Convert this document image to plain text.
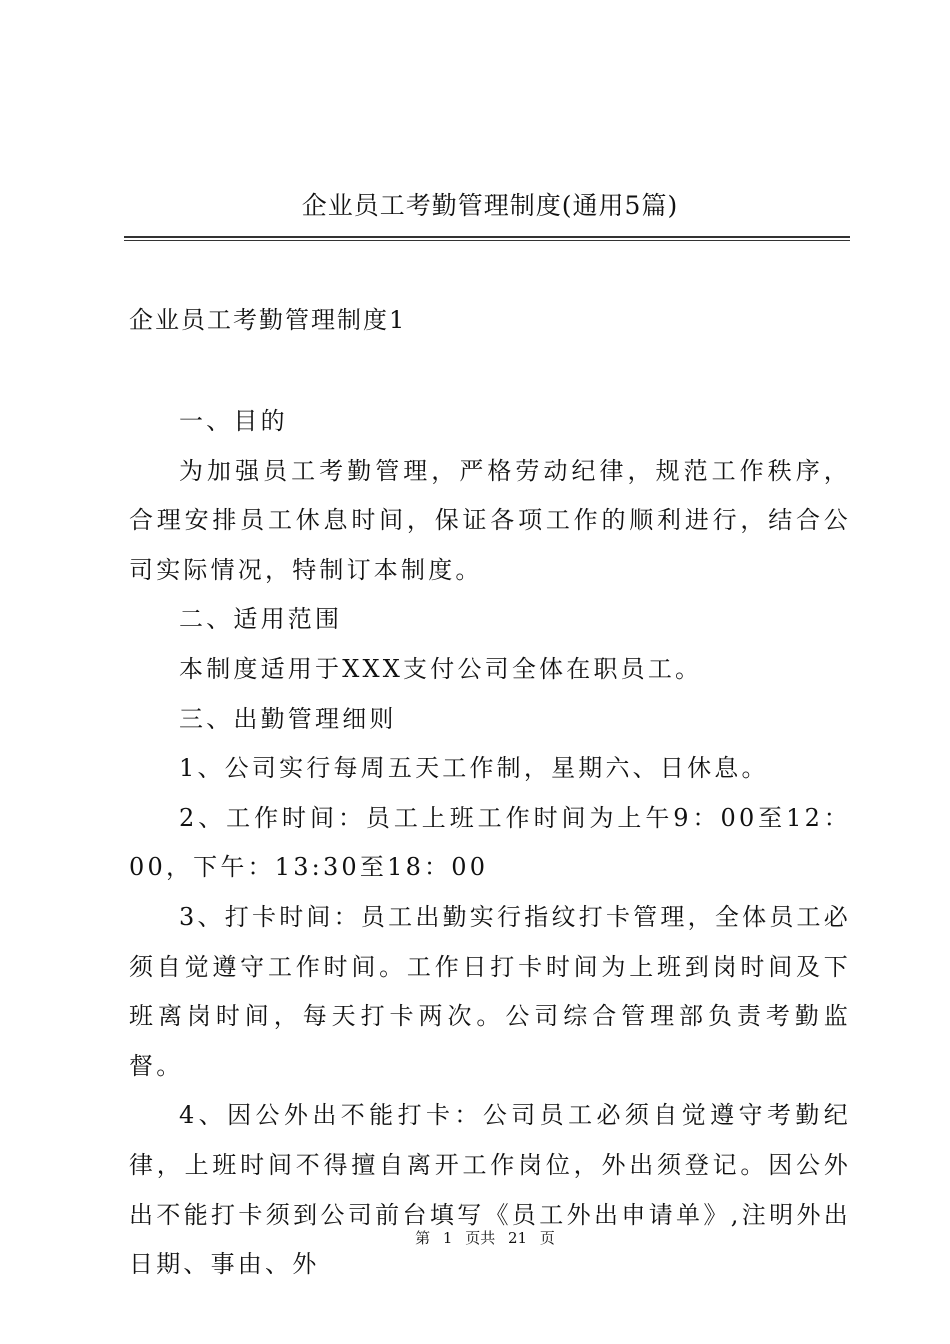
企业员工考勤管理制度(通用5篇)
企业员工考勤管理制度1

一、目的

为加强员工考勤管理，严格劳动纪律，规范工作秩序，合理安排员工休息时间，保证各项工作的顺利进行，结合公司实际情况，特制订本制度。

二、适用范围

本制度适用于XXX支付公司全体在职员工。

三、出勤管理细则

1、公司实行每周五天工作制，星期六、日休息。

2、工作时间：员工上班工作时间为上午9：00至12：00，下午：13:30至18：00

3、打卡时间：员工出勤实行指纹打卡管理，全体员工必须自觉遵守工作时间。工作日打卡时间为上班到岗时间及下班离岗时间，每天打卡两次。公司综合管理部负责考勤监督。

4、因公外出不能打卡：公司员工必须自觉遵守考勤纪律，上班时间不得擅自离开工作岗位，外出须登记。因公外出不能打卡须到公司前台填写《员工外出申请单》,注明外出日期、事由、外

第 1 页共 21 页
